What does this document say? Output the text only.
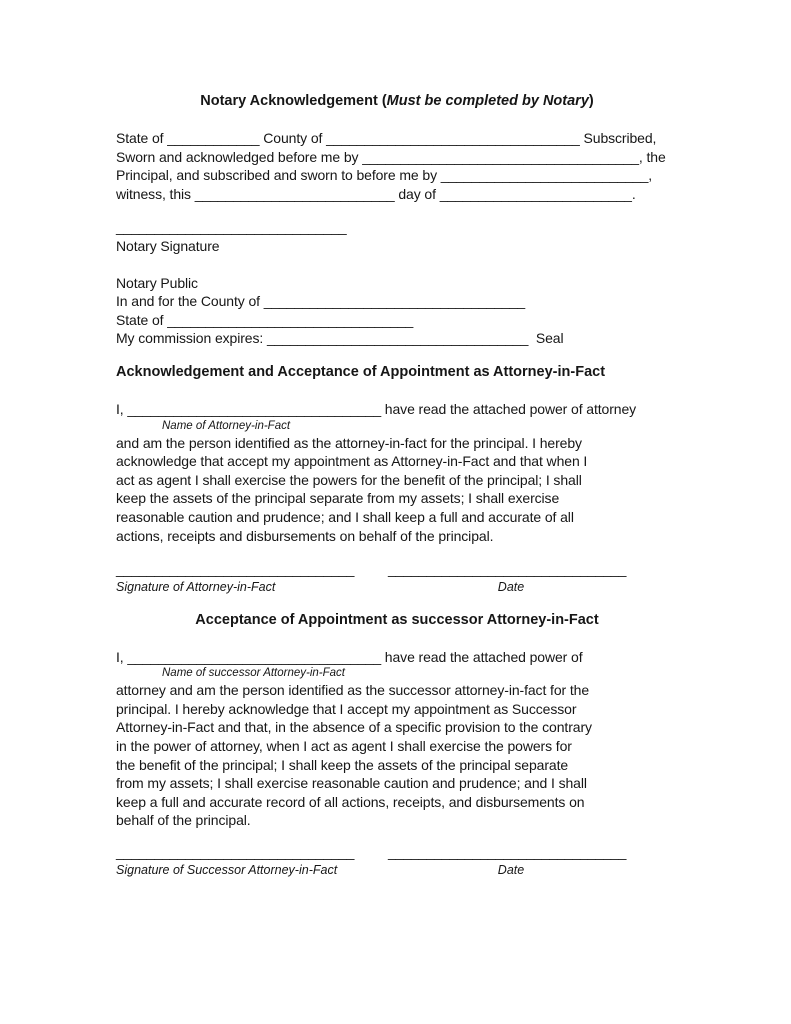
Notary Acknowledgement (Must be completed by Notary)
State of ____________ County of _________________________________ Subscribed,
Sworn and acknowledged before me by ____________________________________, the
Principal, and subscribed and sworn to before me by ___________________________,
witness, this __________________________ day of _________________________.
______________________________
Notary Signature
Notary Public
In and for the County of __________________________________
State of ________________________________
My commission expires: __________________________________  Seal
Acknowledgement and Acceptance of Appointment as Attorney-in-Fact
I, _________________________________ have read the attached power of attorney
Name of Attorney-in-Fact
and am the person identified as the attorney-in-fact for the principal. I hereby
acknowledge that accept my appointment as Attorney-in-Fact and that when I
act as agent I shall exercise the powers for the benefit of the principal; I shall
keep the assets of the principal separate from my assets; I shall exercise
reasonable caution and prudence; and I shall keep a full and accurate of all
actions, receipts and disbursements on behalf of the principal.
_______________________________	_______________________________
Signature of Attorney-in-Fact	Date
Acceptance of Appointment as successor Attorney-in-Fact
I, _________________________________ have read the attached power of
Name of successor Attorney-in-Fact
attorney and am the person identified as the successor attorney-in-fact for the
principal. I hereby acknowledge that I accept my appointment as Successor
Attorney-in-Fact and that, in the absence of a specific provision to the contrary
in the power of attorney, when I act as agent I shall exercise the powers for
the benefit of the principal; I shall keep the assets of the principal separate
from my assets; I shall exercise reasonable caution and prudence; and I shall
keep a full and accurate record of all actions, receipts, and disbursements on
behalf of the principal.
_______________________________	_______________________________
Signature of Successor Attorney-in-Fact	Date
